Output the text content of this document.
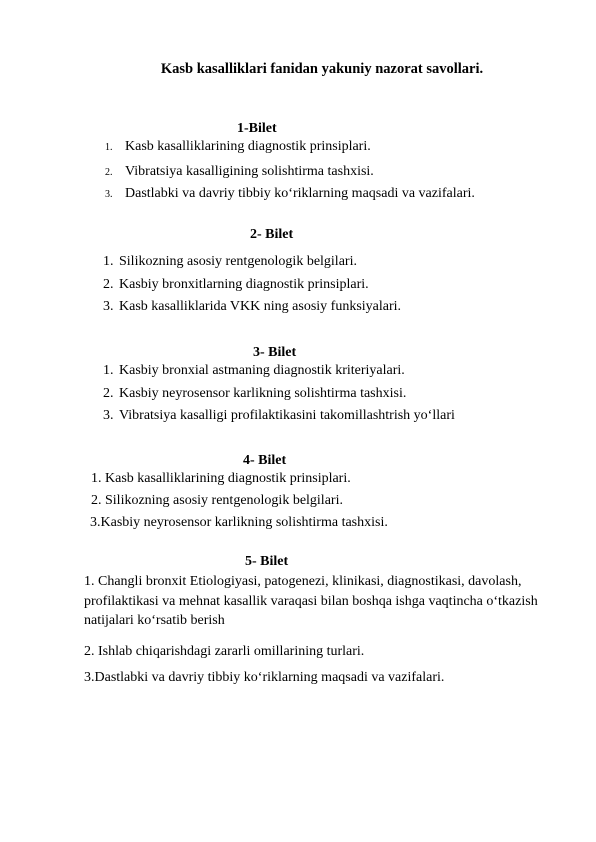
Kasb kasalliklari fanidan yakuniy nazorat savollari.
1-Bilet
1. Kasb kasalliklarining diagnostik prinsiplari.
2. Vibratsiya kasalligining solishtirma tashxisi.
3. Dastlabki va davriy tibbiy ko‘riklarning maqsadi va vazifalari.
2- Bilet
1. Silikozning asosiy rentgenologik belgilari.
2. Kasbiy bronxitlarning diagnostik prinsiplari.
3. Kasb kasalliklarida VKK ning asosiy funksiyalari.
3- Bilet
1. Kasbiy bronxial astmaning diagnostik kriteriyalari.
2. Kasbiy neyrosensor karlikning solishtirma tashxisi.
3. Vibratsiya kasalligi profilaktikasini takomillashtrish yo‘llari
4- Bilet
1. Kasb kasalliklarining diagnostik prinsiplari.
2. Silikozning asosiy rentgenologik belgilari.
3.Kasbiy neyrosensor karlikning solishtirma tashxisi.
5- Bilet
1. Changli bronxit Etiologiyasi, patogenezi, klinikasi, diagnostikasi, davolash, profilaktikasi va mehnat kasallik varaqasi bilan boshqa ishga vaqtincha o‘tkazish natijalari ko‘rsatib berish
2. Ishlab chiqarishdagi zararli omillarining turlari.
3.Dastlabki va davriy tibbiy ko‘riklarning maqsadi va vazifalari.
